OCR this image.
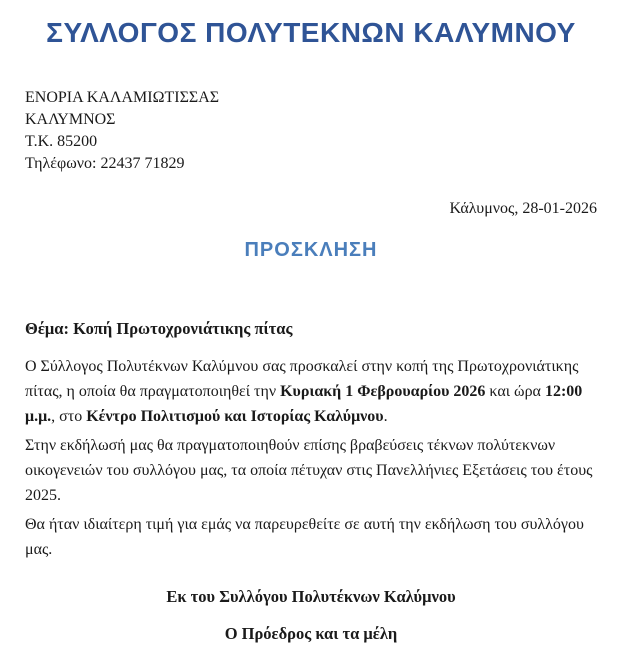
ΣΥΛΛΟΓΟΣ ΠΟΛΥΤΕΚΝΩΝ ΚΑΛΥΜΝΟΥ
ΕΝΟΡΙΑ ΚΑΛΑΜΙΩΤΙΣΣΑΣ
ΚΑΛΥΜΝΟΣ
Τ.Κ. 85200
Τηλέφωνο: 22437 71829
Κάλυμνος, 28-01-2026
ΠΡΟΣΚΛΗΣΗ

Θέμα: Κοπή Πρωτοχρονιάτικης πίτας

Ο Σύλλογος Πολυτέκνων Καλύμνου σας προσκαλεί στην κοπή της Πρωτοχρονιάτικης πίτας, η οποία θα πραγματοποιηθεί την Κυριακή 1 Φεβρουαρίου 2026 και ώρα 12:00 μ.μ., στο Κέντρο Πολιτισμού και Ιστορίας Καλύμνου.

Στην εκδήλωσή μας θα πραγματοποιηθούν επίσης βραβεύσεις τέκνων πολύτεκνων οικογενειών του συλλόγου μας, τα οποία πέτυχαν στις Πανελλήνιες Εξετάσεις του έτους 2025.

Θα ήταν ιδιαίτερη τιμή για εμάς να παρευρεθείτε σε αυτή την εκδήλωση του συλλόγου μας.

Εκ του Συλλόγου Πολυτέκνων Καλύμνου

Ο Πρόεδρος και τα μέλη
